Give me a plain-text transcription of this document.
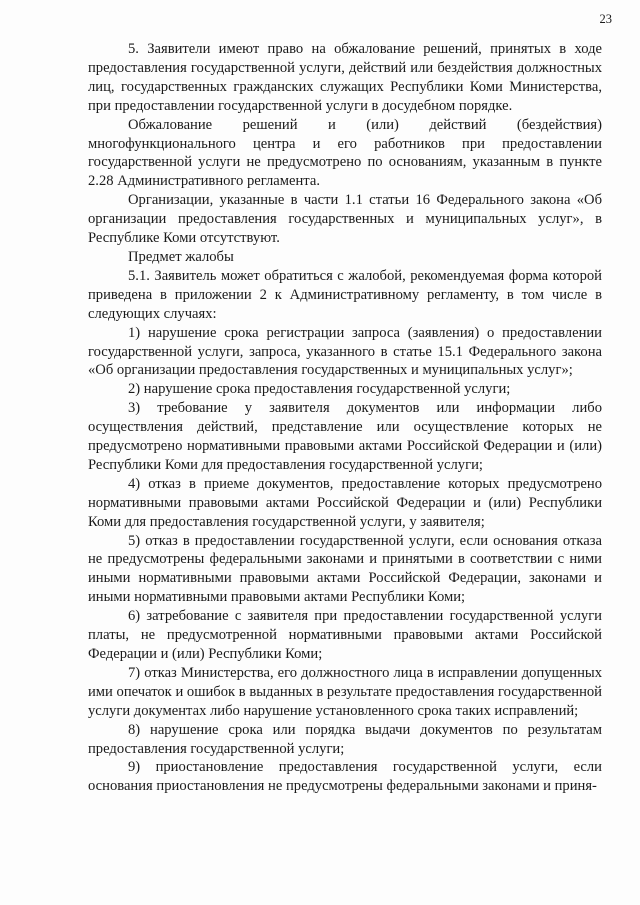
23

5. Заявители имеют право на обжалование решений, принятых в ходе предоставления государственной услуги, действий или бездействия должностных лиц, государственных гражданских служащих Республики Коми Министерства, при предоставлении государственной услуги в досудебном порядке.

Обжалование решений и (или) действий (бездействия) многофункционального центра и его работников при предоставлении государственной услуги не предусмотрено по основаниям, указанным в пункте 2.28 Административного регламента.

Организации, указанные в части 1.1 статьи 16 Федерального закона «Об организации предоставления государственных и муниципальных услуг», в Республике Коми отсутствуют.

Предмет жалобы

5.1. Заявитель может обратиться с жалобой, рекомендуемая форма которой приведена в приложении 2 к Административному регламенту, в том числе в следующих случаях:

1) нарушение срока регистрации запроса (заявления) о предоставлении государственной услуги, запроса, указанного в статье 15.1 Федерального закона «Об организации предоставления государственных и муниципальных услуг»;

2) нарушение срока предоставления государственной услуги;

3) требование у заявителя документов или информации либо осуществления действий, представление или осуществление которых не предусмотрено нормативными правовыми актами Российской Федерации и (или) Республики Коми для предоставления государственной услуги;

4) отказ в приеме документов, предоставление которых предусмотрено нормативными правовыми актами Российской Федерации и (или) Республики Коми для предоставления государственной услуги, у заявителя;

5) отказ в предоставлении государственной услуги, если основания отказа не предусмотрены федеральными законами и принятыми в соответствии с ними иными нормативными правовыми актами Российской Федерации, законами и иными нормативными правовыми актами Республики Коми;

6) затребование с заявителя при предоставлении государственной услуги платы, не предусмотренной нормативными правовыми актами Российской Федерации и (или) Республики Коми;

7) отказ Министерства, его должностного лица в исправлении допущенных ими опечаток и ошибок в выданных в результате предоставления государственной услуги документах либо нарушение установленного срока таких исправлений;

8) нарушение срока или порядка выдачи документов по результатам предоставления государственной услуги;

9) приостановление предоставления государственной услуги, если основания приостановления не предусмотрены федеральными законами и приня-
